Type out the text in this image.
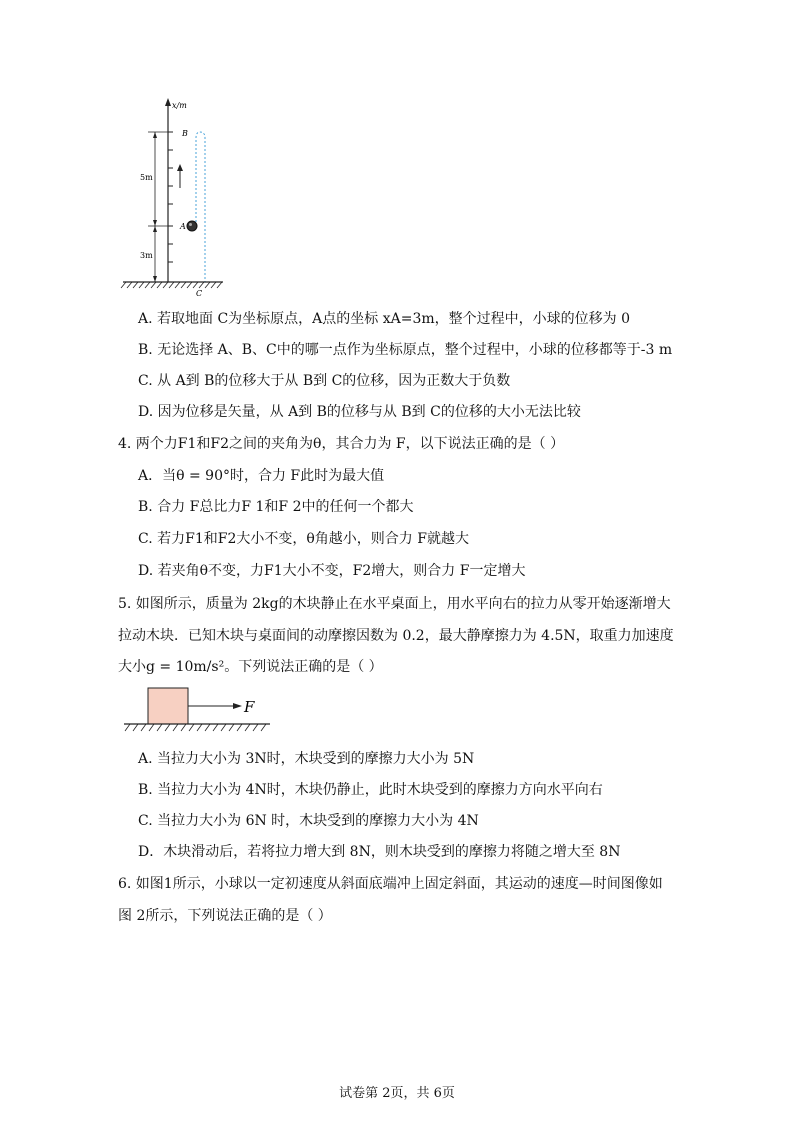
x/m
5m
3m
B
A
C
A. 若取地面 C为坐标原点，A点的坐标 xA=3m，整个过程中，小球的位移为 0
B. 无论选择 A、B、C中的哪一点作为坐标原点，整个过程中，小球的位移都等于-3 m
C. 从 A到 B的位移大于从 B到 C的位移，因为正数大于负数
D. 因为位移是矢量，从 A到 B的位移与从 B到 C的位移的大小无法比较
4. 两个力F1和F2之间的夹角为θ，其合力为 F，以下说法正确的是（ ）
A．当θ = 90°时，合力 F此时为最大值
B. 合力 F总比力F 1和F 2中的任何一个都大
C. 若力F1和F2大小不变，θ角越小，则合力 F就越大
D. 若夹角θ不变，力F1大小不变，F2增大，则合力 F一定增大
5. 如图所示，质量为 2kg的木块静止在水平桌面上，用水平向右的拉力从零开始逐渐增大
拉动木块．已知木块与桌面间的动摩擦因数为 0.2，最大静摩擦力为 4.5N，取重力加速度
大小g = 10m/s²。下列说法正确的是（ ）
F
A. 当拉力大小为 3N时，木块受到的摩擦力大小为 5N
B. 当拉力大小为 4N时，木块仍静止，此时木块受到的摩擦力方向水平向右
C. 当拉力大小为 6N 时，木块受到的摩擦力大小为 4N
D．木块滑动后，若将拉力增大到 8N，则木块受到的摩擦力将随之增大至 8N
6. 如图1所示，小球以一定初速度从斜面底端冲上固定斜面，其运动的速度—时间图像如
图 2所示，下列说法正确的是（ ）
试卷第 2页，共 6页
